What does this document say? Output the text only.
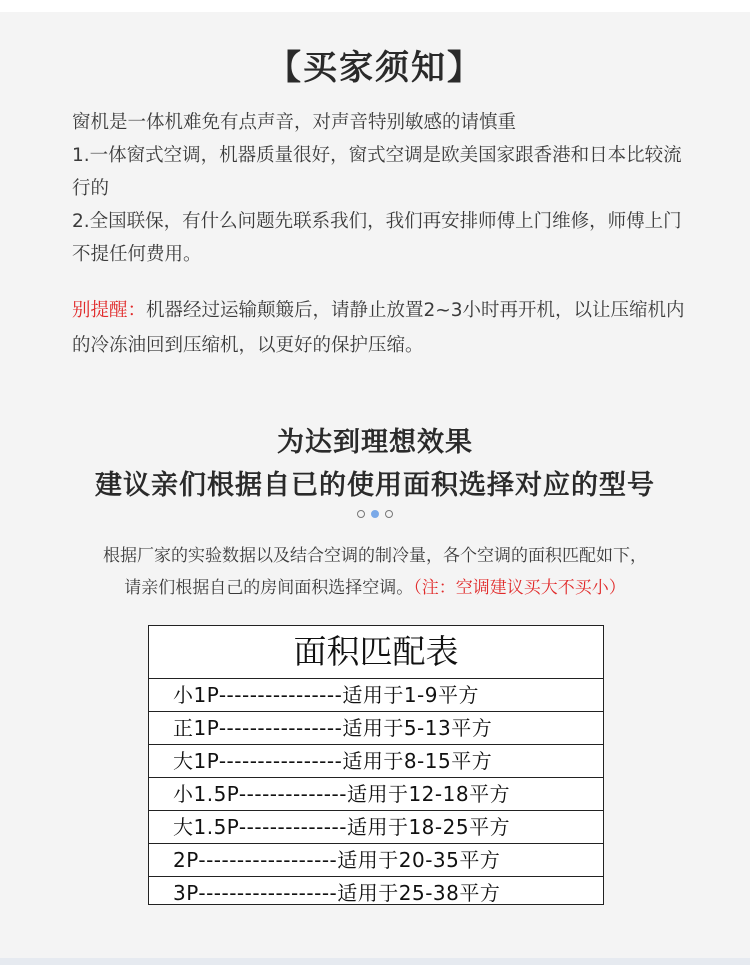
【买家须知】

窗机是一体机难免有点声音，对声音特别敏感的请慎重

1.一体窗式空调，机器质量很好，窗式空调是欧美国家跟香港和日本比较流行的

2.全国联保，有什么问题先联系我们，我们再安排师傅上门维修，师傅上门不提任何费用。

别提醒：机器经过运输颠簸后，请静止放置2~3小时再开机，以让压缩机内的冷冻油回到压缩机，以更好的保护压缩。
为达到理想效果
建议亲们根据自已的使用面积选择对应的型号

根据厂家的实验数据以及结合空调的制冷量，各个空调的面积匹配如下，
请亲们根据自己的房间面积选择空调。（注：空调建议买大不买小）
面积匹配表
小1P----------------适用于1-9平方
正1P----------------适用于5-13平方
大1P----------------适用于8-15平方
小1.5P--------------适用于12-18平方
大1.5P--------------适用于18-25平方
2P------------------适用于20-35平方
3P------------------适用于25-38平方
